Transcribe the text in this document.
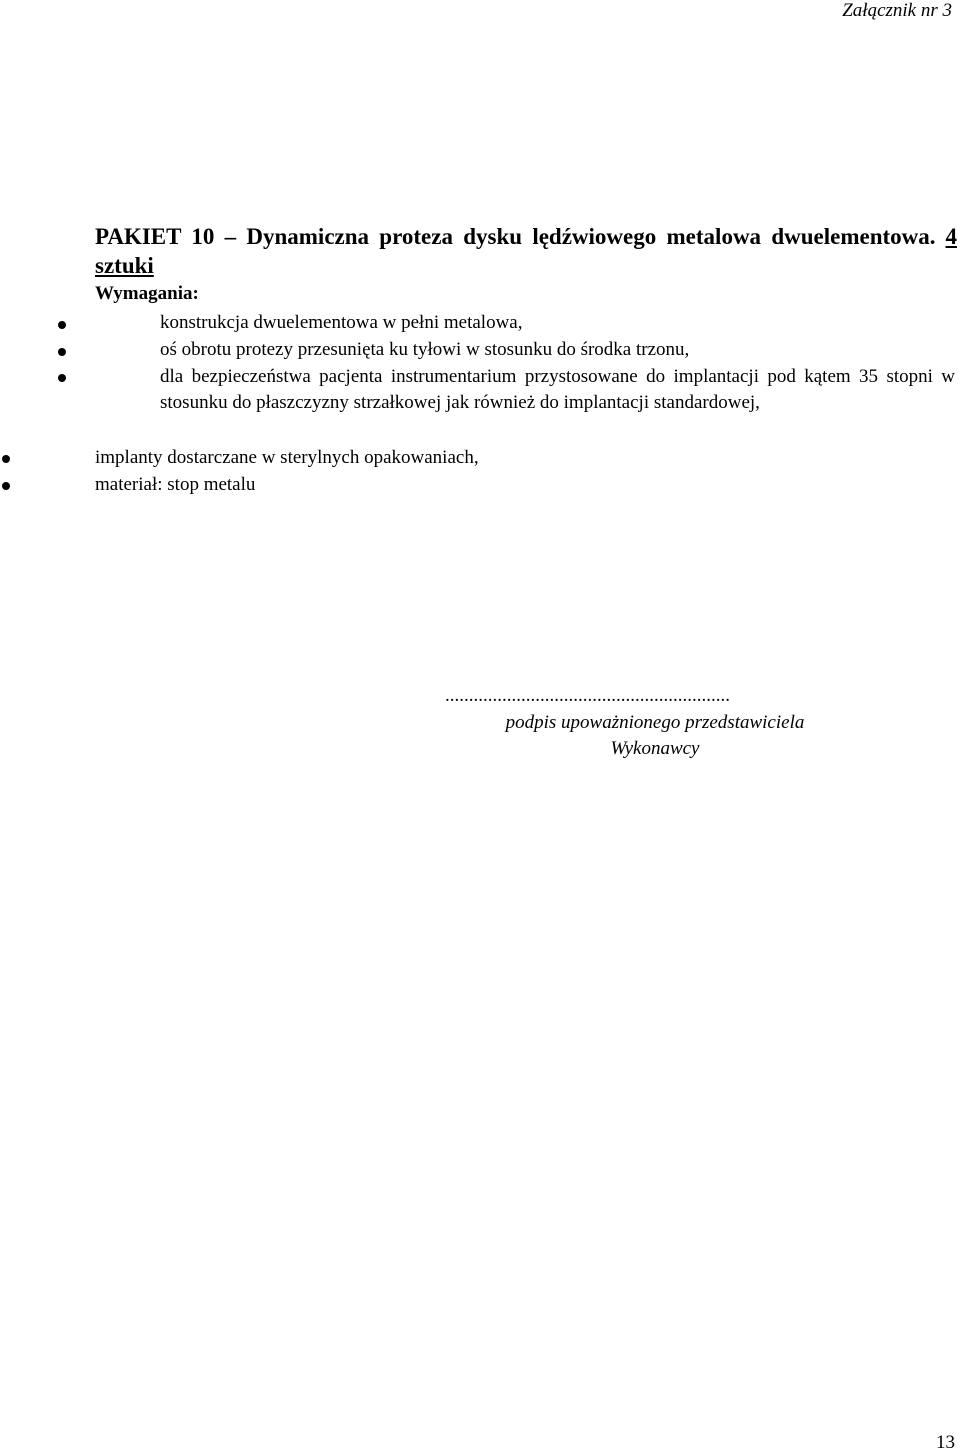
Załącznik nr 3
PAKIET 10 – Dynamiczna proteza dysku lędźwiowego metalowa dwuelementowa. 4 sztuki
Wymagania:
konstrukcja dwuelementowa w pełni metalowa,
oś obrotu protezy przesunięta ku tyłowi w stosunku do środka trzonu,
dla bezpieczeństwa pacjenta instrumentarium przystosowane do implantacji pod kątem 35 stopni w stosunku do płaszczyzny strzałkowej jak również do implantacji standardowej,
implanty dostarczane w sterylnych opakowaniach,
materiał: stop metalu
............................................................
podpis upoważnionego przedstawiciela
Wykonawcy
13
